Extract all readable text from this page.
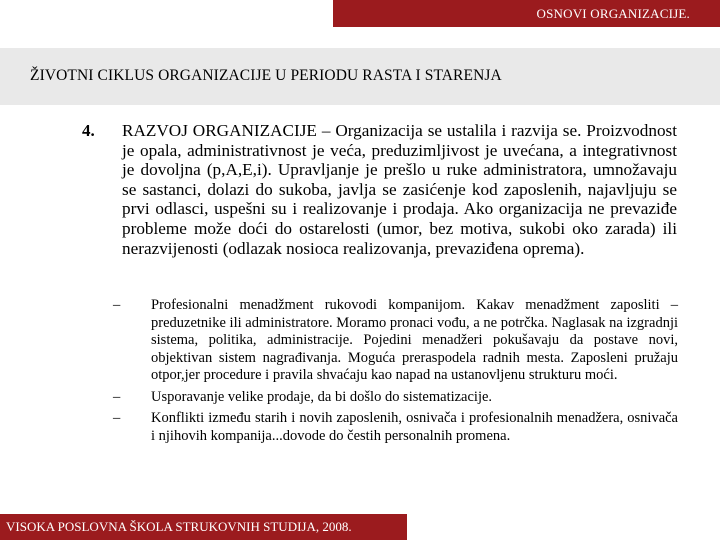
OSNOVI ORGANIZACIJE.
ŽIVOTNI CIKLUS ORGANIZACIJE U PERIODU RASTA I STARENJA
4. RAZVOJ ORGANIZACIJE – Organizacija se ustalila i razvija se. Proizvodnost je opala, administrativnost je veća, preduzimljivost je uvećana, a integrativnost je dovoljna (p,A,E,i). Upravljanje je prešlo u ruke administratora, umnožavaju se sastanci, dolazi do sukoba, javlja se zasićenje kod zaposlenih, najavljuju se prvi odlasci, uspešni su i realizovanje i prodaja. Ako organizacija ne prevaziđe probleme može doći do ostarelosti (umor, bez motiva, sukobi oko zarada) ili nerazvijenosti (odlazak nosioca realizovanja, prevaziđena oprema).
– Profesionalni menadžment rukovodi kompanijom. Kakav menadžment zaposliti – preduzetnike ili administratore. Moramo pronaci vođu, a ne potrčka. Naglasak na izgradnji sistema, politika, administracije. Pojedini menadžeri pokušavaju da postave novi, objektivan sistem nagrađivanja. Moguća preraspodela radnih mesta. Zaposleni pružaju otpor,jer procedure i pravila shvaćaju kao napad na ustanovljenu strukturu moći.
– Usporavanje velike prodaje, da bi došlo do sistematizacije.
– Konflikti između starih i novih zaposlenih, osnivača i profesionalnih menadžera, osnivača i njihovih kompanija...dovode do čestih personalnih promena.
VISOKA POSLOVNA ŠKOLA STRUKOVNIH STUDIJA, 2008.
